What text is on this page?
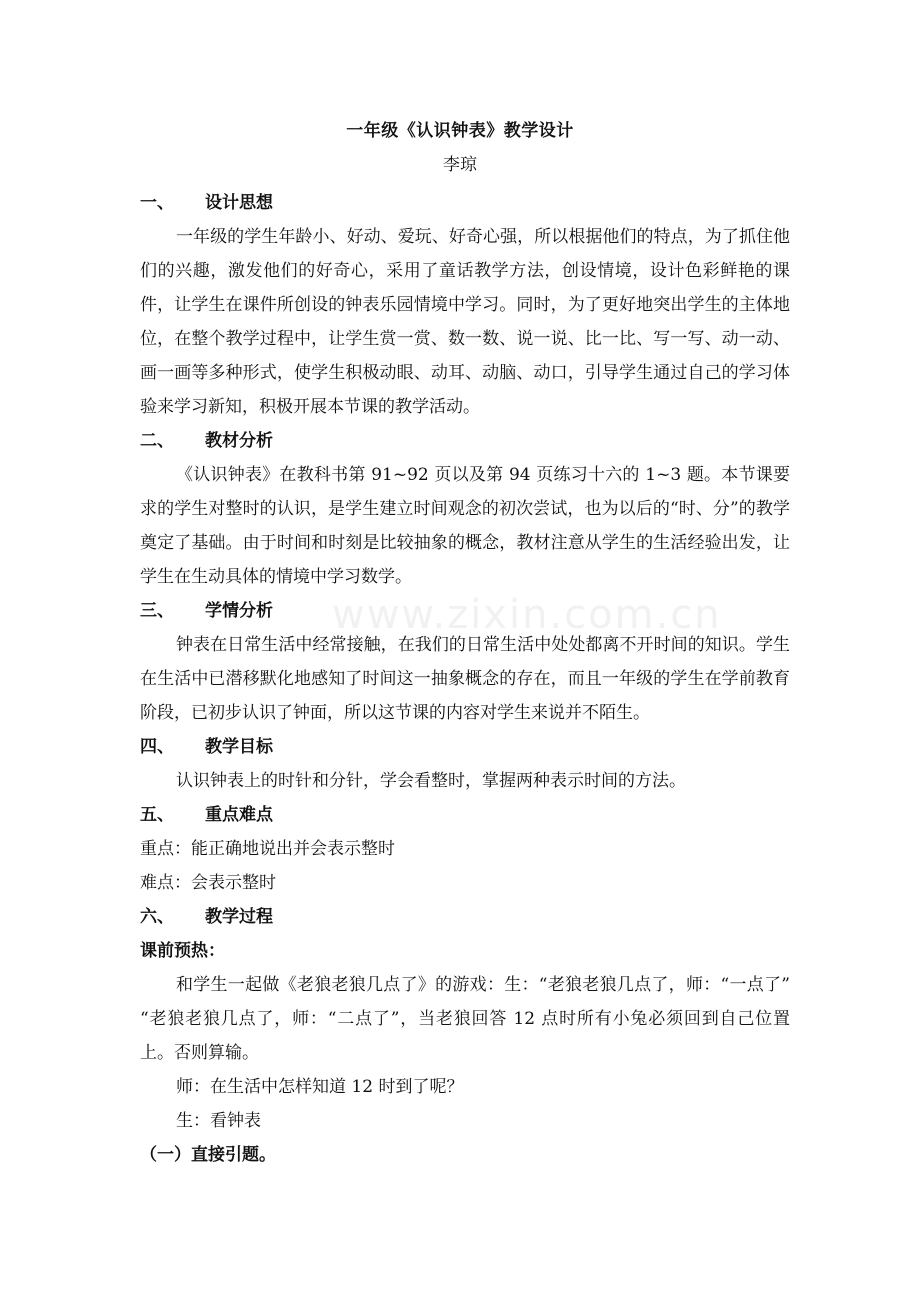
一年级《认识钟表》教学设计
李琼
www.zixin.com.cn
一、	设计思想

一年级的学生年龄小、好动、爱玩、好奇心强，所以根据他们的特点，为了抓住他们的兴趣，激发他们的好奇心，采用了童话教学方法，创设情境，设计色彩鲜艳的课件，让学生在课件所创设的钟表乐园情境中学习。同时，为了更好地突出学生的主体地位，在整个教学过程中，让学生赏一赏、数一数、说一说、比一比、写一写、动一动、画一画等多种形式，使学生积极动眼、动耳、动脑、动口，引导学生通过自己的学习体验来学习新知，积极开展本节课的教学活动。

二、	教材分析

《认识钟表》在教科书第 91~92 页以及第 94 页练习十六的 1~3 题。本节课要求的学生对整时的认识，是学生建立时间观念的初次尝试，也为以后的“时、分”的教学奠定了基础。由于时间和时刻是比较抽象的概念，教材注意从学生的生活经验出发，让学生在生动具体的情境中学习数学。

三、	学情分析

钟表在日常生活中经常接触，在我们的日常生活中处处都离不开时间的知识。学生在生活中已潜移默化地感知了时间这一抽象概念的存在，而且一年级的学生在学前教育阶段，已初步认识了钟面，所以这节课的内容对学生来说并不陌生。

四、	教学目标

认识钟表上的时针和分针，学会看整时，掌握两种表示时间的方法。

五、	重点难点
重点：能正确地说出并会表示整时
难点：会表示整时
六、	教学过程
课前预热：

和学生一起做《老狼老狼几点了》的游戏：生：“老狼老狼几点了，师：“一点了” “老狼老狼几点了，师：“二点了”，当老狼回答 12 点时所有小兔必须回到自己位置上。否则算输。

师：在生活中怎样知道 12 时到了呢？
生：看钟表
（一）直接引题。
